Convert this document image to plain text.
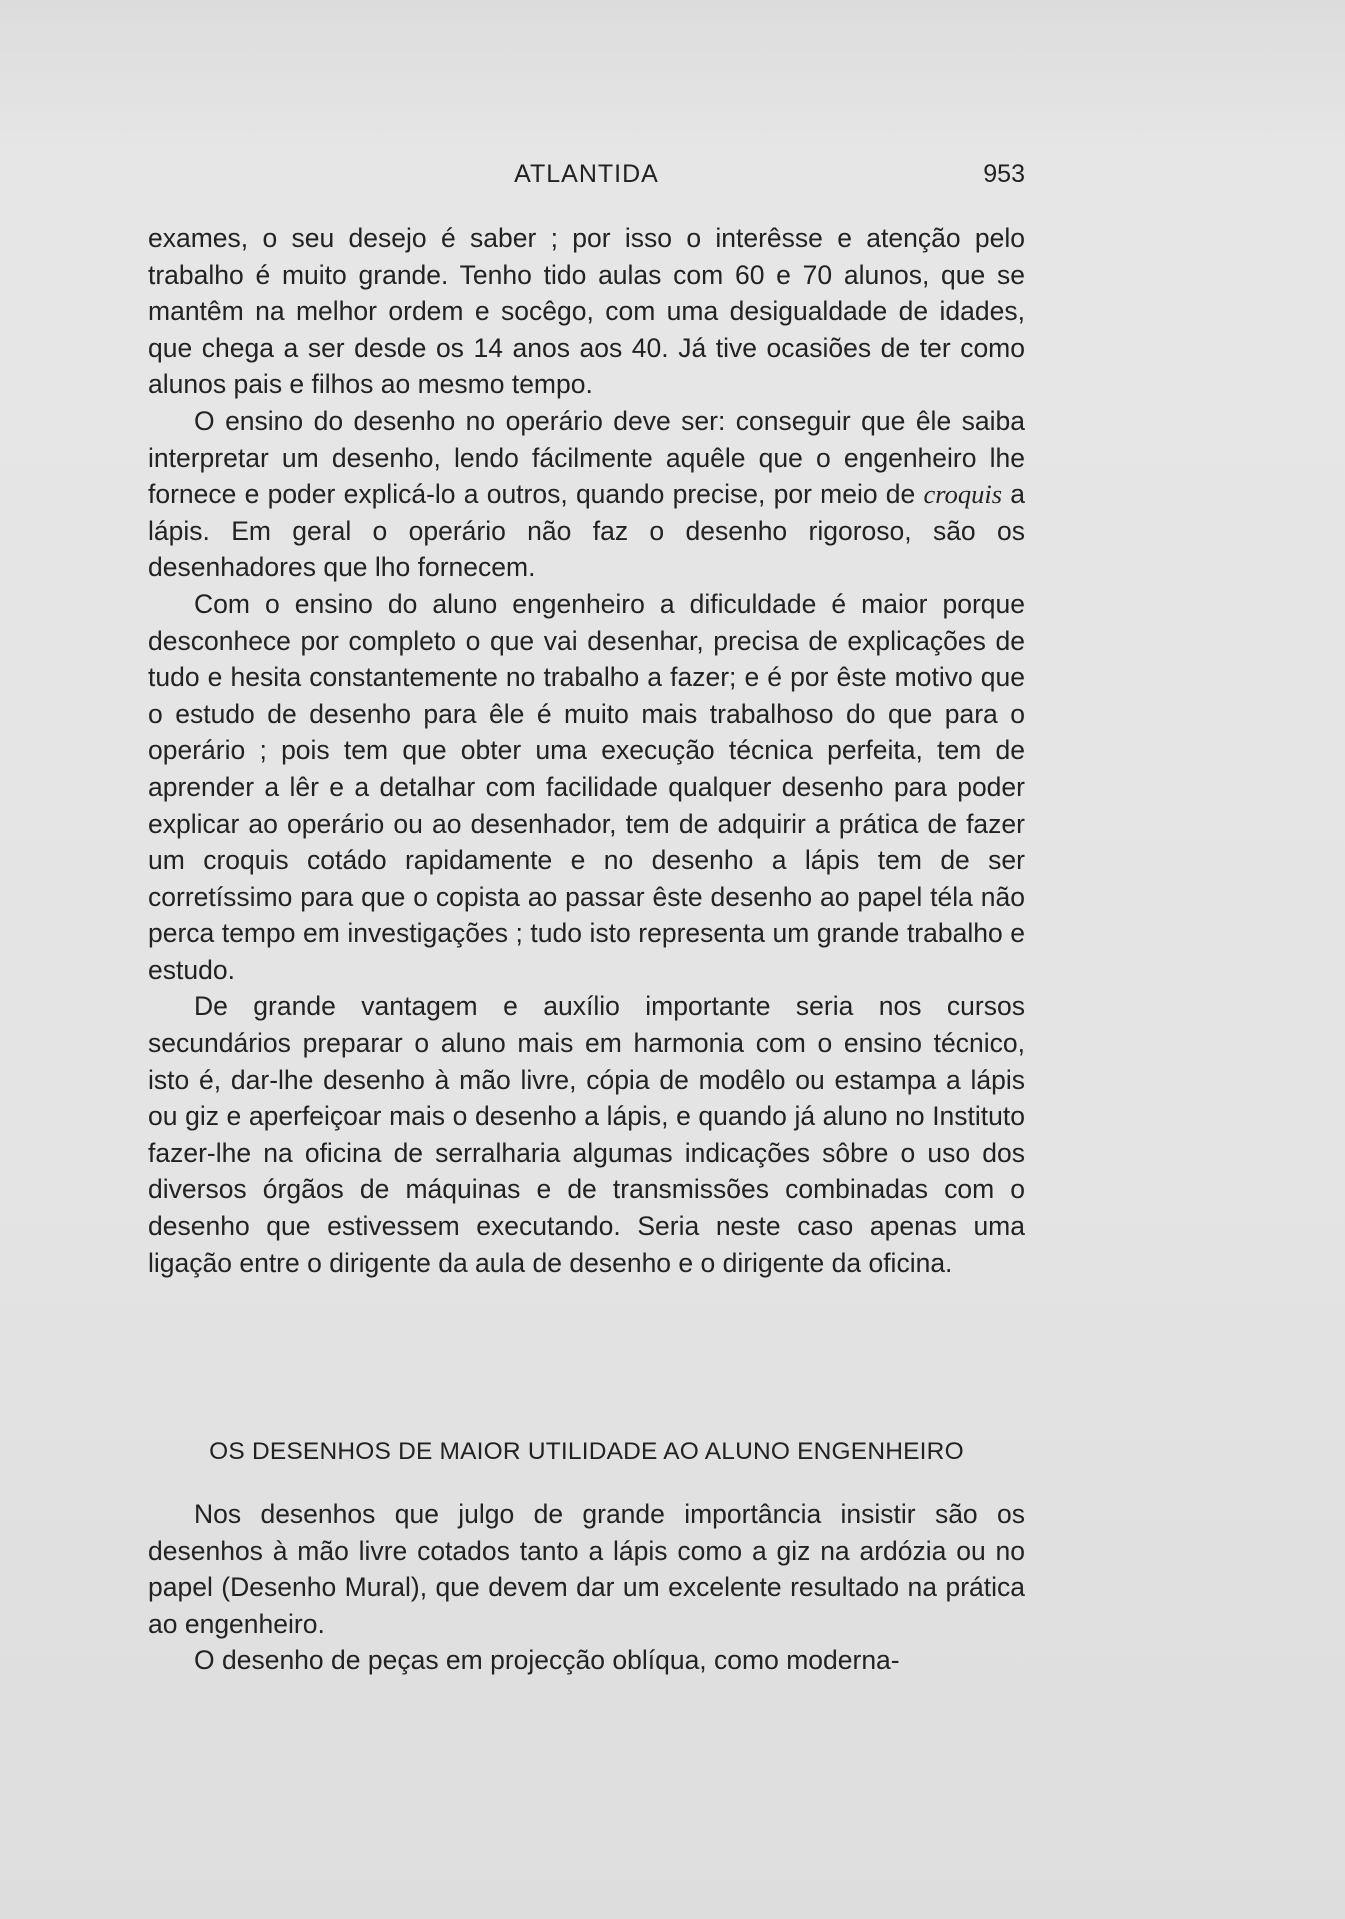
ATLANTIDA	953

exames, o seu desejo é saber ; por isso o interêsse e atenção pelo trabalho é muito grande. Tenho tido aulas com 60 e 70 alunos, que se mantêm na melhor ordem e socêgo, com uma desigualdade de idades, que chega a ser desde os 14 anos aos 40. Já tive ocasiões de ter como alunos pais e filhos ao mesmo tempo.

O ensino do desenho no operário deve ser: conseguir que êle saiba interpretar um desenho, lendo fácilmente aquêle que o engenheiro lhe fornece e poder explicá-lo a outros, quando precise, por meio de croquis a lápis. Em geral o operário não faz o desenho rigoroso, são os desenhadores que lho fornecem.

Com o ensino do aluno engenheiro a dificuldade é maior porque desconhece por completo o que vai desenhar, precisa de explicações de tudo e hesita constantemente no trabalho a fazer; e é por êste motivo que o estudo de desenho para êle é muito mais trabalhoso do que para o operário ; pois tem que obter uma execução técnica perfeita, tem de aprender a lêr e a detalhar com facilidade qualquer desenho para poder explicar ao operário ou ao desenhador, tem de adquirir a prática de fazer um croquis cotádo rapidamente e no desenho a lápis tem de ser corretíssimo para que o copista ao passar êste desenho ao papel téla não perca tempo em investigações ; tudo isto representa um grande trabalho e estudo.

De grande vantagem e auxílio importante seria nos cursos secundários preparar o aluno mais em harmonia com o ensino técnico, isto é, dar-lhe desenho à mão livre, cópia de modêlo ou estampa a lápis ou giz e aperfeiçoar mais o desenho a lápis, e quando já aluno no Instituto fazer-lhe na oficina de serralharia algumas indicações sôbre o uso dos diversos órgãos de máquinas e de transmissões combinadas com o desenho que estivessem executando. Seria neste caso apenas uma ligação entre o dirigente da aula de desenho e o dirigente da oficina.

OS DESENHOS DE MAIOR UTILIDADE AO ALUNO ENGENHEIRO

Nos desenhos que julgo de grande importância insistir são os desenhos à mão livre cotados tanto a lápis como a giz na ardózia ou no papel (Desenho Mural), que devem dar um excelente resultado na prática ao engenheiro.

O desenho de peças em projecção oblíqua, como moderna-
